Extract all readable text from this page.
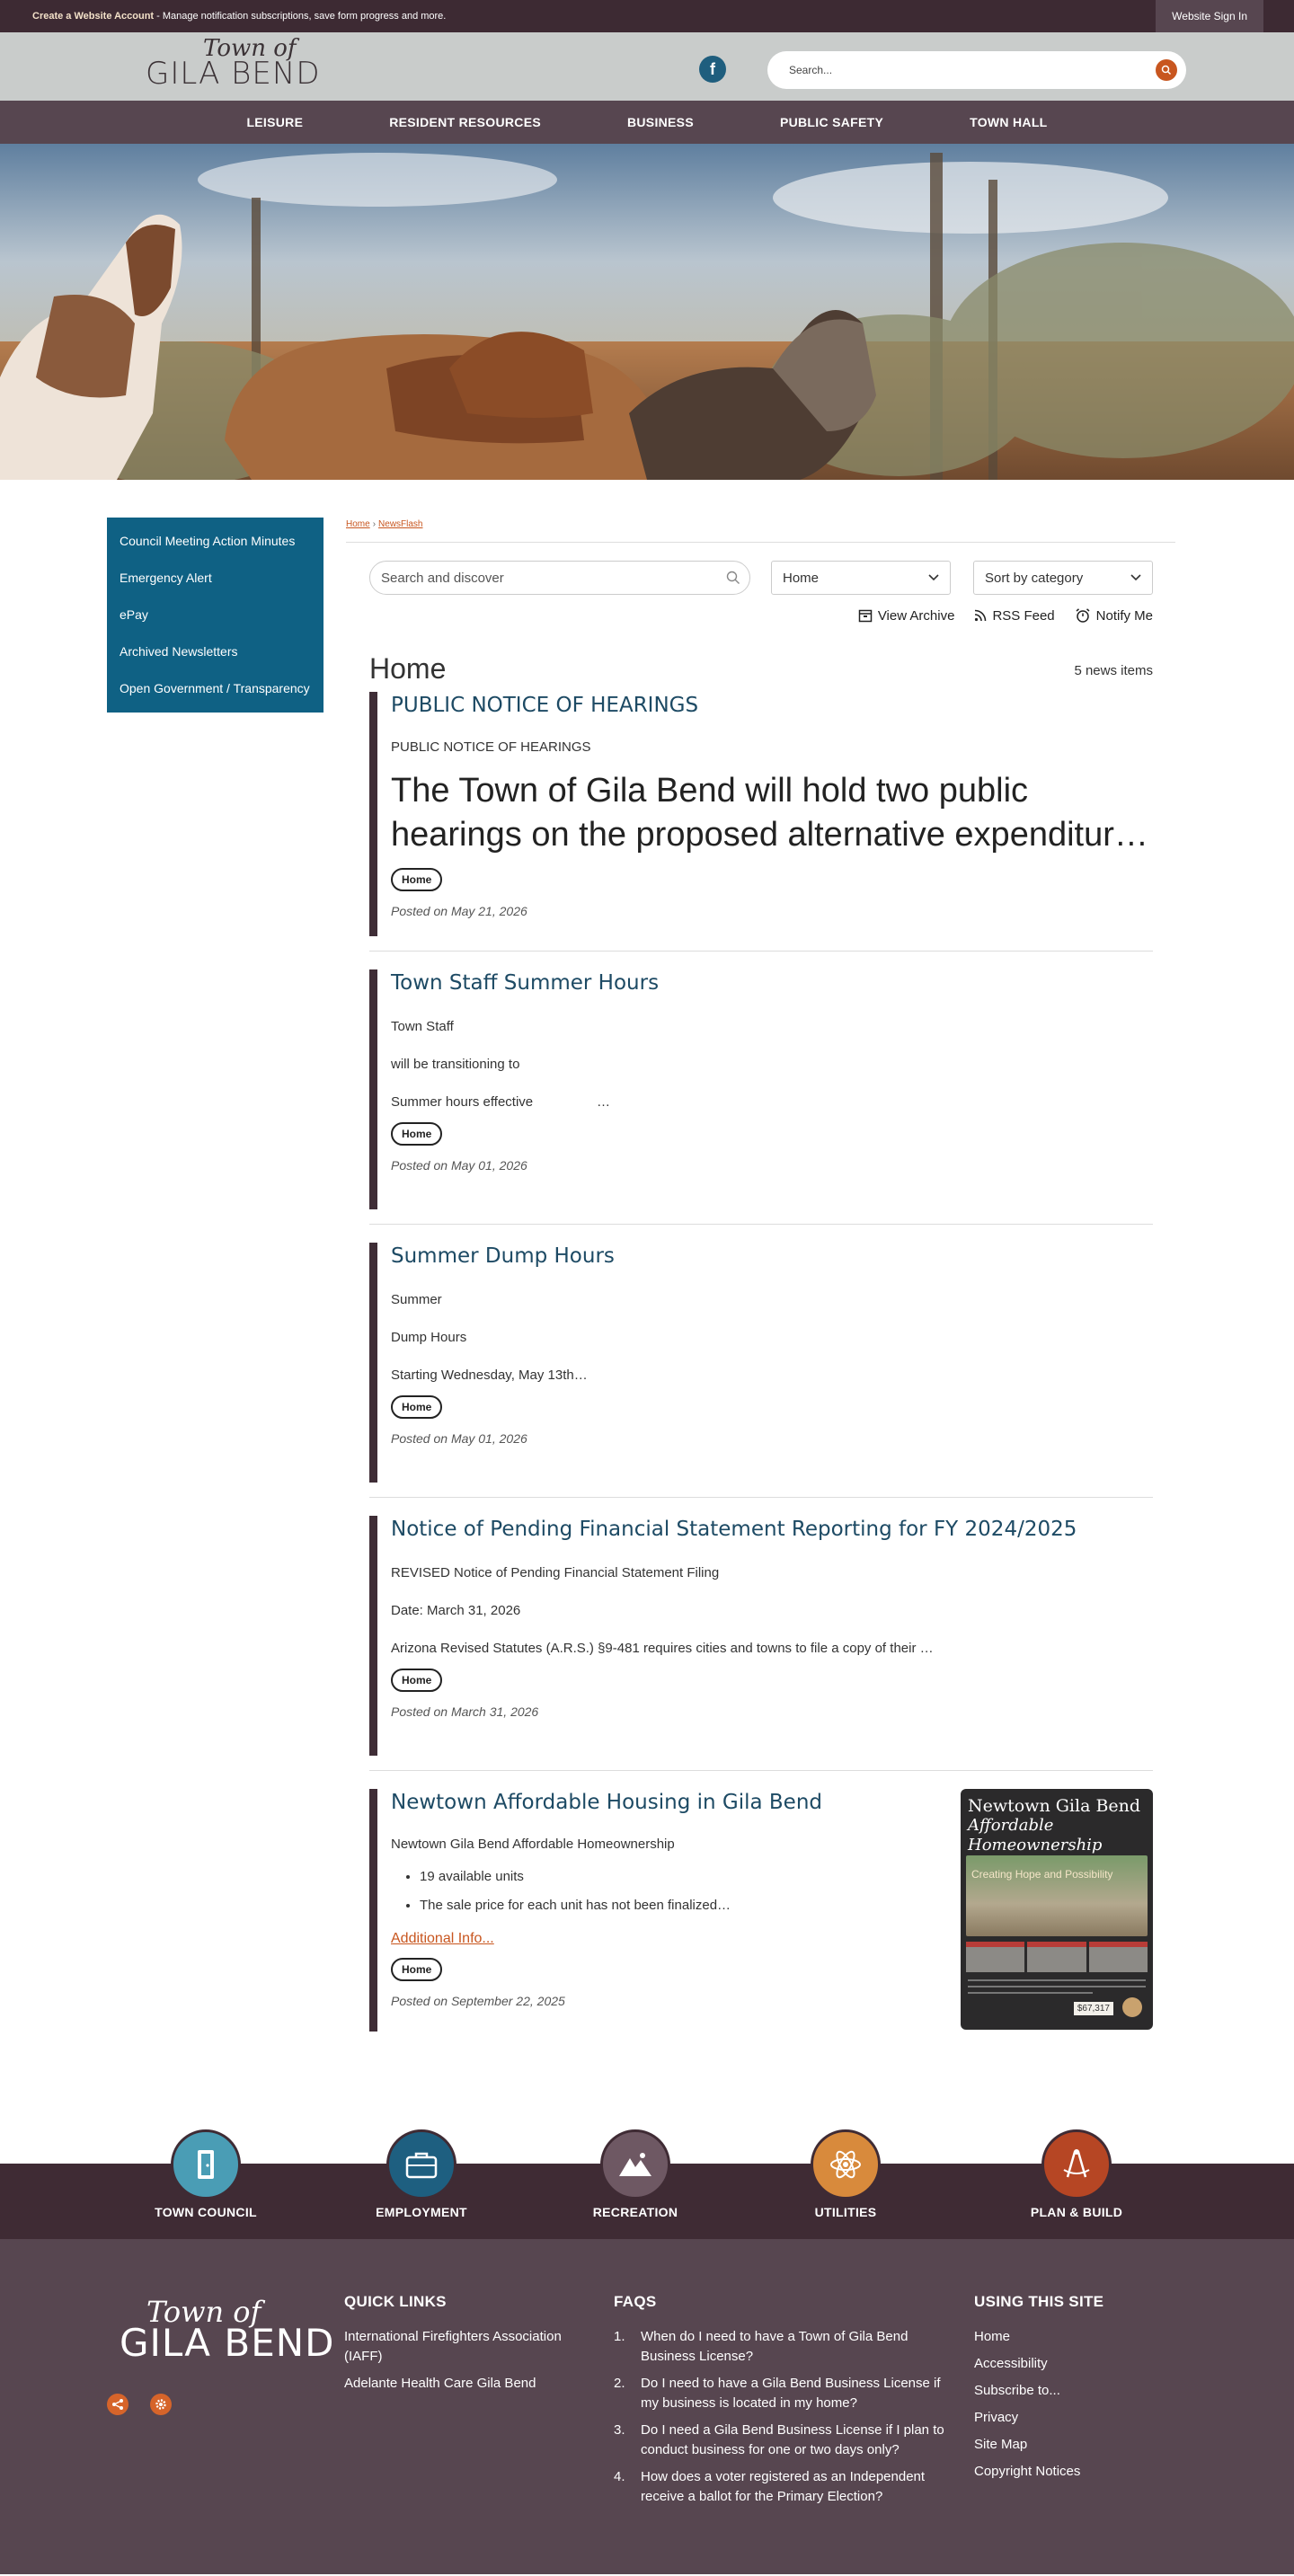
Create a Website Account - Manage notification subscriptions, save form progress and more.	Website Sign In
Town of
GILA BEND	f
Search...
LEISURE	RESIDENT RESOURCES	BUSINESS	PUBLIC SAFETY	TOWN HALL
Council Meeting Action Minutes
Emergency Alert
ePay
Archived Newsletters
Open Government / Transparency
Home › NewsFlash
Search and discover
Home	Sort by category
View Archive	RSS Feed	Notify Me
Home	5 news items
PUBLIC NOTICE OF HEARINGS

PUBLIC NOTICE OF HEARINGS

The Town of Gila Bend will hold two public hearings on the proposed alternative expenditur…

Home

Posted on May 21, 2026

Town Staff Summer Hours

Town Staff

will be transitioning to

Summer hours effective                 …

Home

Posted on May 01, 2026

Summer Dump Hours

Summer

Dump Hours

Starting Wednesday, May 13th…

Home

Posted on May 01, 2026

Notice of Pending Financial Statement Reporting for FY 2024/2025

REVISED Notice of Pending Financial Statement Filing

Date: March 31, 2026

Arizona Revised Statutes (A.R.S.) §9-481 requires cities and towns to file a copy of their …

Home

Posted on March 31, 2026

Newtown Affordable Housing in Gila Bend

Newtown Gila Bend Affordable Homeownership

• 19 available units
• The sale price for each unit has not been finalized…
Additional Info...
Home

Posted on September 22, 2025

Newtown Gila Bend
Affordable Homeownership
Creating Hope and Possibility
$67,317
TOWN COUNCIL	EMPLOYMENT	RECREATION	UTILITIES	PLAN & BUILD
Town of
GILA BEND
QUICK LINKS
International Firefighters Association (IAFF)
Adelante Health Care Gila Bend
FAQS
1.	When do I need to have a Town of Gila Bend Business License?
2.	Do I need to have a Gila Bend Business License if my business is located in my home?
3.	Do I need a Gila Bend Business License if I plan to conduct business for one or two days only?
4.	How does a voter registered as an Independent receive a ballot for the Primary Election?
USING THIS SITE
Home
Accessibility
Subscribe to...
Privacy
Site Map
Copyright Notices
